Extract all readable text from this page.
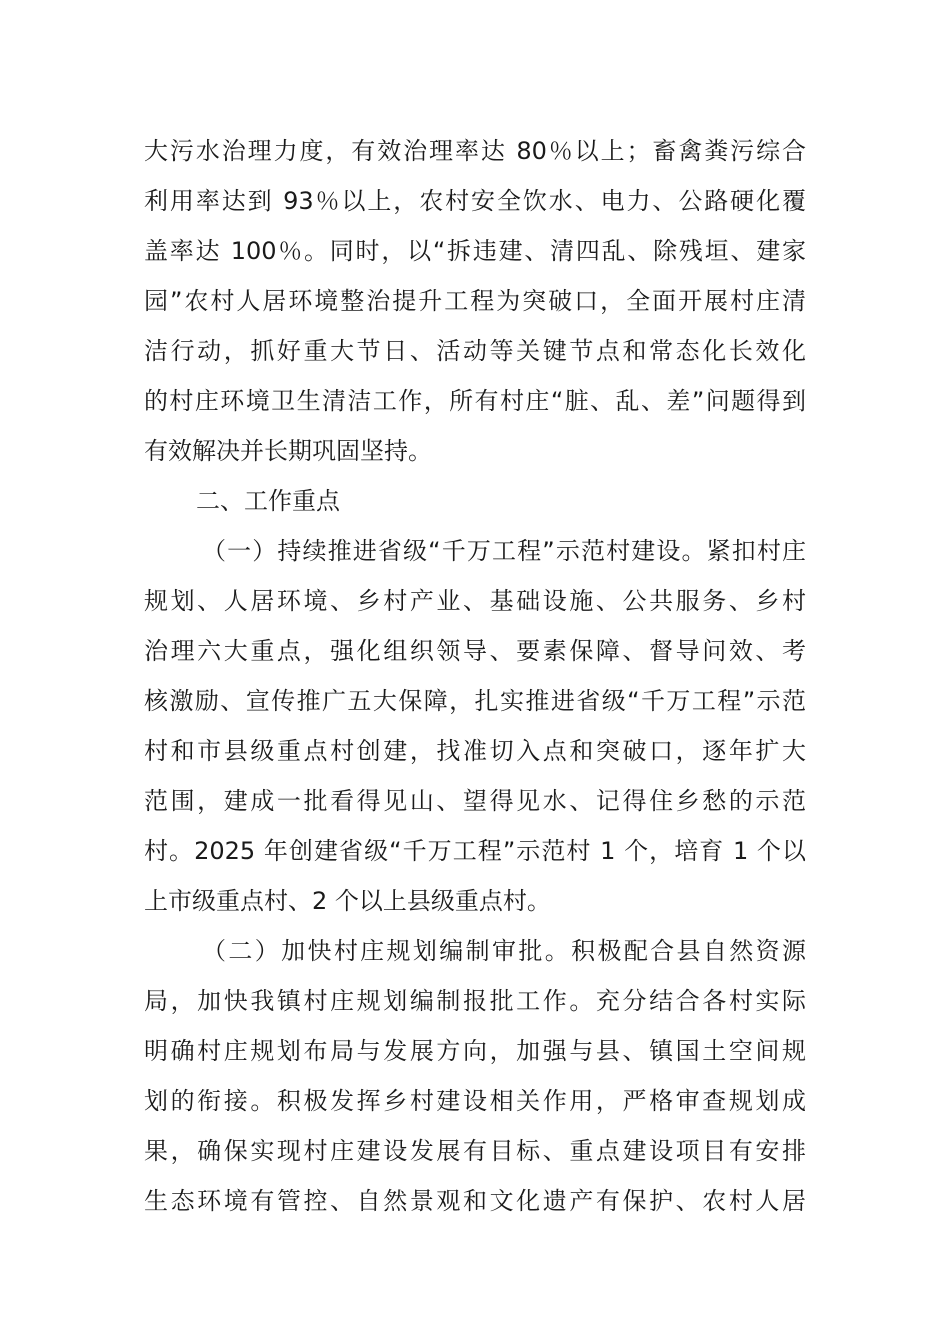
大污水治理力度，有效治理率达 80％以上；畜禽粪污综合
利用率达到 93％以上，农村安全饮水、电力、公路硬化覆
盖率达 100％。同时，以“拆违建、清四乱、除残垣、建家
园”农村人居环境整治提升工程为突破口，全面开展村庄清
洁行动，抓好重大节日、活动等关键节点和常态化长效化
的村庄环境卫生清洁工作，所有村庄“脏、乱、差”问题得到
有效解决并长期巩固坚持。
二、工作重点
（一）持续推进省级“千万工程”示范村建设。紧扣村庄
规划、人居环境、乡村产业、基础设施、公共服务、乡村
治理六大重点，强化组织领导、要素保障、督导问效、考
核激励、宣传推广五大保障，扎实推进省级“千万工程”示范
村和市县级重点村创建，找准切入点和突破口，逐年扩大
范围，建成一批看得见山、望得见水、记得住乡愁的示范
村。2025 年创建省级“千万工程”示范村 1 个，培育 1 个以
上市级重点村、2 个以上县级重点村。
（二）加快村庄规划编制审批。积极配合县自然资源
局，加快我镇村庄规划编制报批工作。充分结合各村实际
明确村庄规划布局与发展方向，加强与县、镇国土空间规
划的衔接。积极发挥乡村建设相关作用，严格审查规划成
果，确保实现村庄建设发展有目标、重点建设项目有安排
生态环境有管控、自然景观和文化遗产有保护、农村人居
